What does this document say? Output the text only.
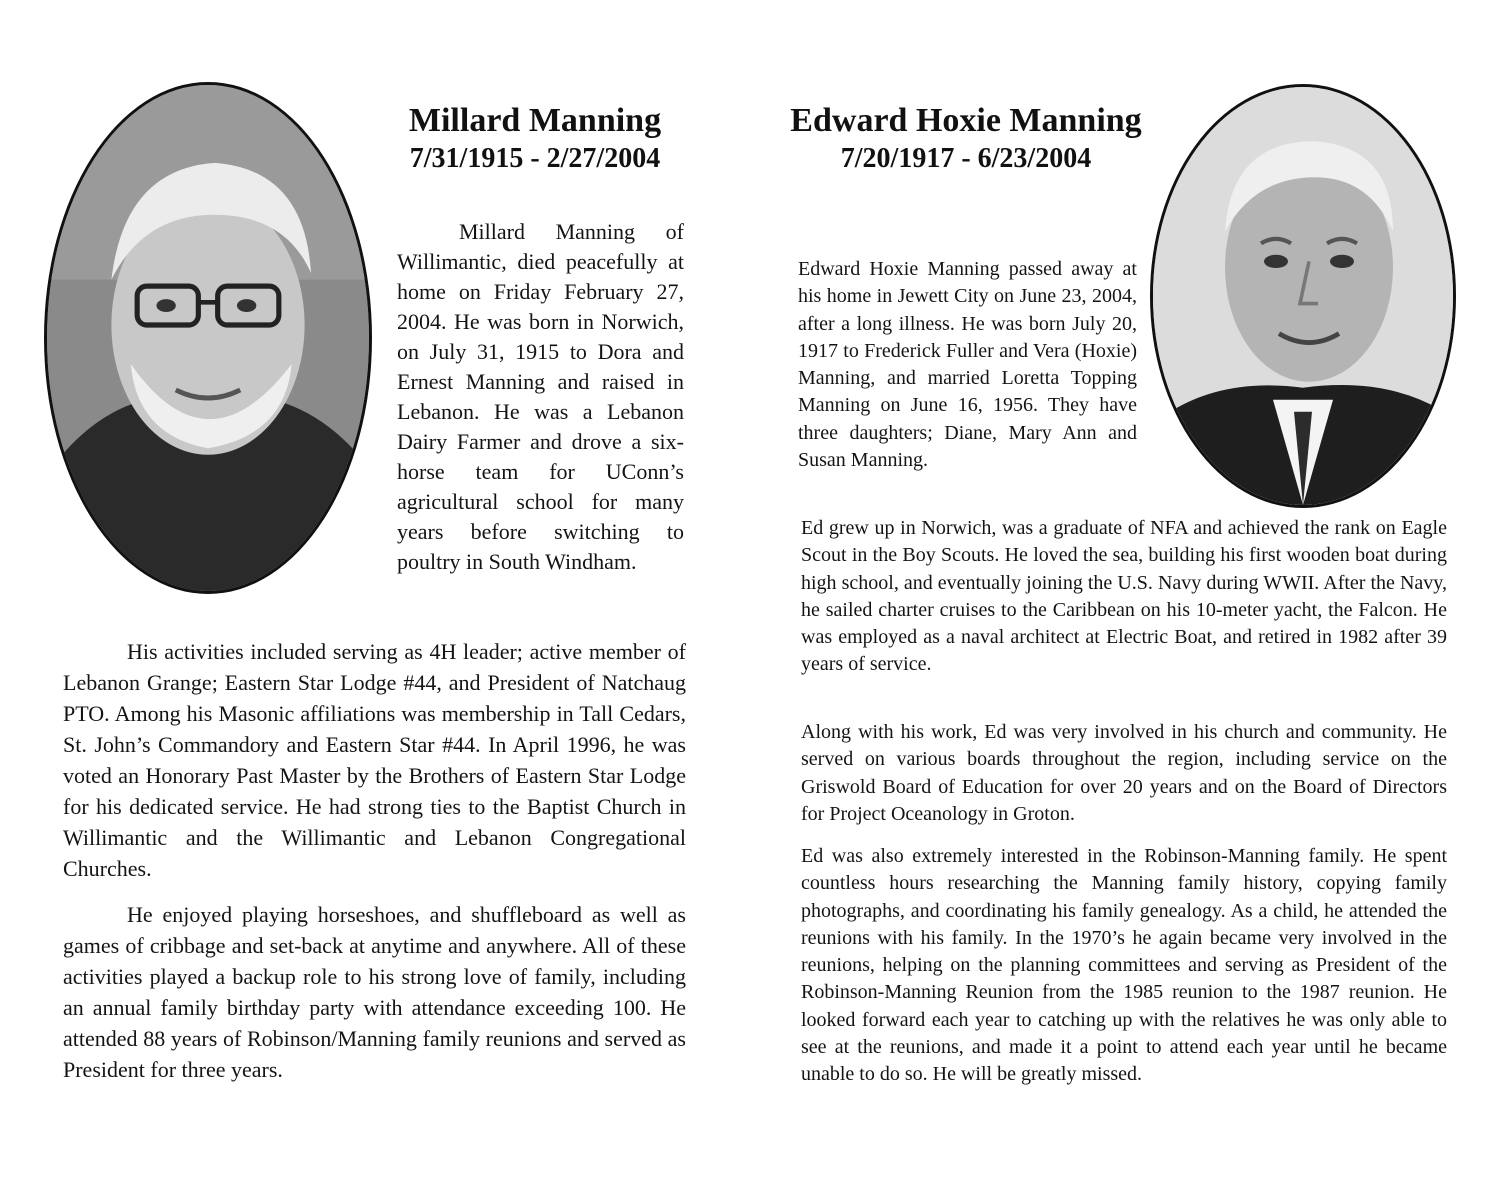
Millard Manning
7/31/1915 - 2/27/2004

Millard Manning of Willimantic, died peacefully at home on Friday February 27, 2004. He was born in Norwich, on July 31, 1915 to Dora and Ernest Manning and raised in Lebanon. He was a Lebanon Dairy Farmer and drove a six-horse team for UConn’s agricultural school for many years before switching to poultry in South Windham.

His activities included serving as 4H leader; active member of Lebanon Grange; Eastern Star Lodge #44, and President of Natchaug PTO. Among his Masonic affiliations was membership in Tall Cedars, St. John’s Commandory and Eastern Star #44. In April 1996, he was voted an Honorary Past Master by the Brothers of Eastern Star Lodge for his dedicated service. He had strong ties to the Baptist Church in Willimantic and the Willimantic and Lebanon Congregational Churches.

He enjoyed playing horseshoes, and shuffleboard as well as games of cribbage and set-back at anytime and anywhere. All of these activities played a backup role to his strong love of family, including an annual family birthday party with attendance exceeding 100. He attended 88 years of Robinson/Manning family reunions and served as President for three years.

Edward Hoxie Manning
7/20/1917 - 6/23/2004

Edward Hoxie Manning passed away at his home in Jewett City on June 23, 2004, after a long illness. He was born July 20, 1917 to Frederick Fuller and Vera (Hoxie) Manning, and married Loretta Topping Manning on June 16, 1956. They have three daughters; Diane, Mary Ann and Susan Manning.

Ed grew up in Norwich, was a graduate of NFA and achieved the rank on Eagle Scout in the Boy Scouts. He loved the sea, building his first wooden boat during high school, and eventually joining the U.S. Navy during WWII. After the Navy, he sailed charter cruises to the Caribbean on his 10-meter yacht, the Falcon. He was employed as a naval architect at Electric Boat, and retired in 1982 after 39 years of service.

Along with his work, Ed was very involved in his church and community. He served on various boards throughout the region, including service on the Griswold Board of Education for over 20 years and on the Board of Directors for Project Oceanology in Groton.

Ed was also extremely interested in the Robinson-Manning family. He spent countless hours researching the Manning family history, copying family photographs, and coordinating his family genealogy. As a child, he attended the reunions with his family. In the 1970’s he again became very involved in the reunions, helping on the planning committees and serving as President of the Robinson-Manning Reunion from the 1985 reunion to the 1987 reunion. He looked forward each year to catching up with the relatives he was only able to see at the reunions, and made it a point to attend each year until he became unable to do so. He will be greatly missed.
